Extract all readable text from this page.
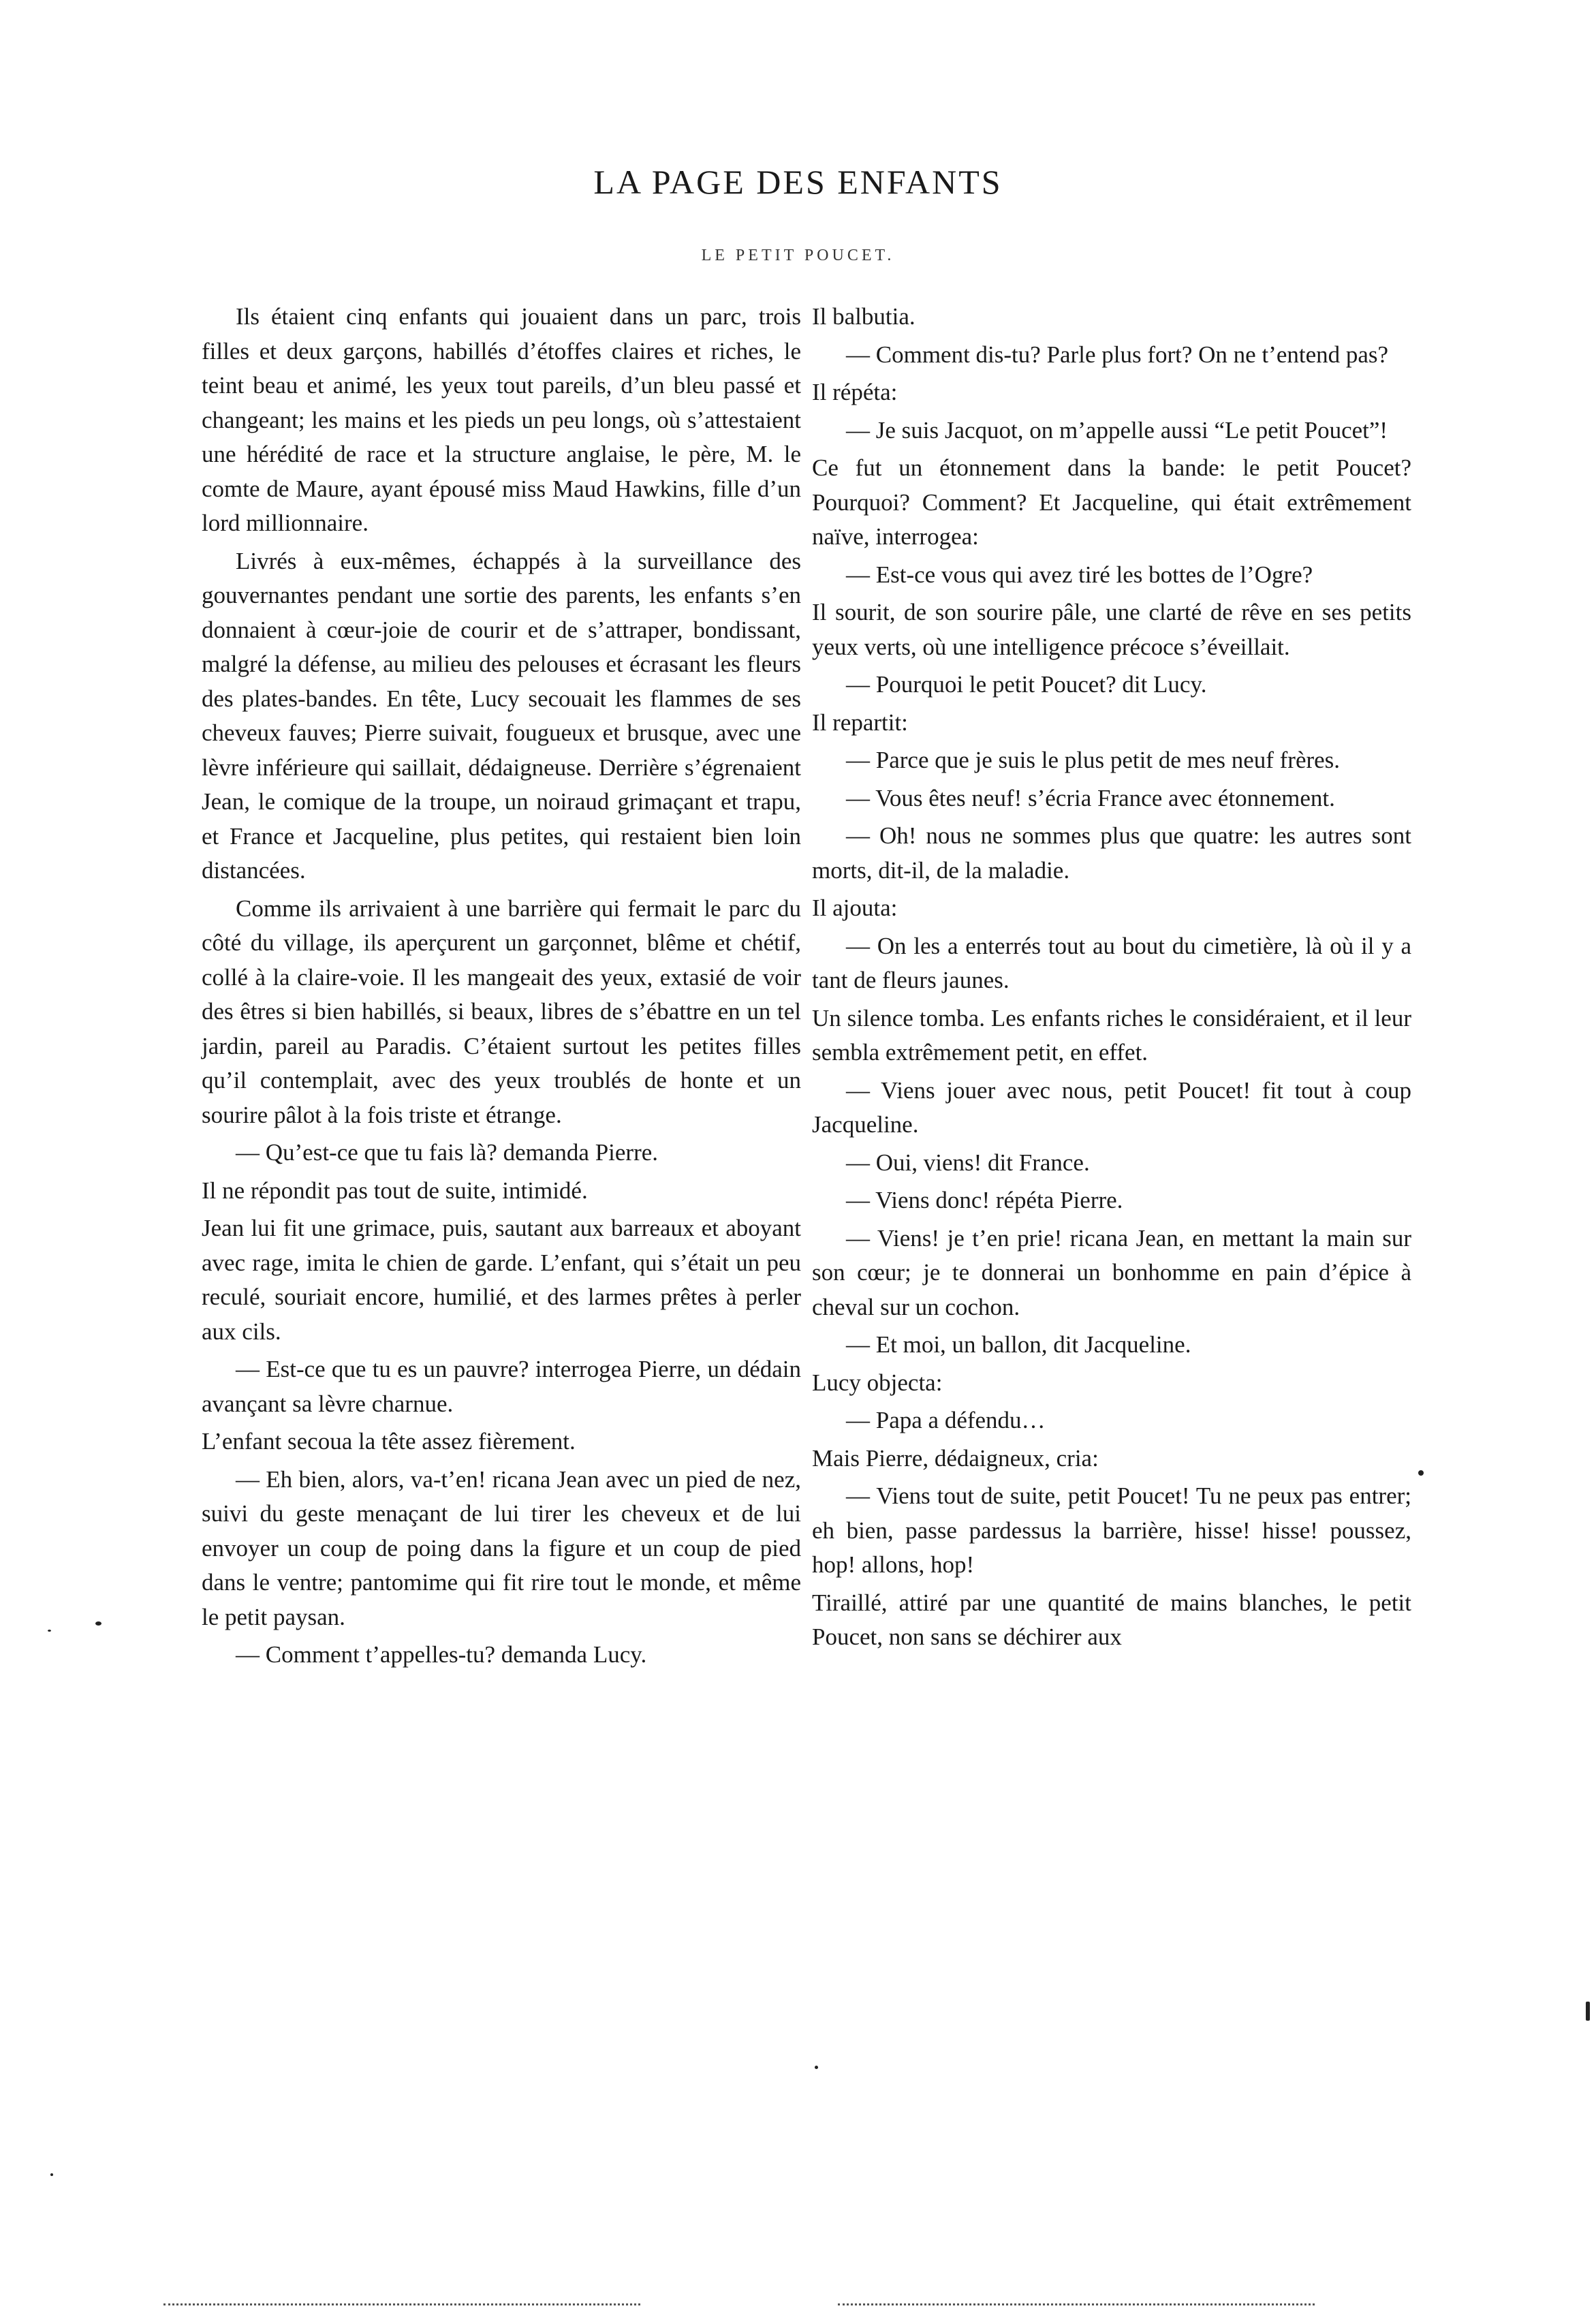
LA PAGE DES ENFANTS
LE PETIT POUCET.

Ils étaient cinq enfants qui jouaient dans un parc, trois filles et deux garçons, habillés d’étoffes claires et riches, le teint beau et animé, les yeux tout pareils, d’un bleu passé et changeant; les mains et les pieds un peu longs, où s’attestaient une hérédité de race et la structure anglaise, le père, M. le comte de Maure, ayant épousé miss Maud Hawkins, fille d’un lord millionnaire.

Livrés à eux-mêmes, échappés à la surveillance des gouvernantes pendant une sortie des parents, les enfants s’en donnaient à cœur-joie de courir et de s’attraper, bondissant, malgré la défense, au milieu des pelouses et écrasant les fleurs des plates-bandes. En tête, Lucy secouait les flammes de ses cheveux fauves; Pierre suivait, fougueux et brusque, avec une lèvre inférieure qui saillait, dédaigneuse. Derrière s’égrenaient Jean, le comique de la troupe, un noiraud grimaçant et trapu, et France et Jacqueline, plus petites, qui restaient bien loin distancées.

Comme ils arrivaient à une barrière qui fermait le parc du côté du village, ils aperçurent un garçonnet, blême et chétif, collé à la claire-voie. Il les mangeait des yeux, extasié de voir des êtres si bien habillés, si beaux, libres de s’ébattre en un tel jardin, pareil au Paradis. C’étaient surtout les petites filles qu’il contemplait, avec des yeux troublés de honte et un sourire pâlot à la fois triste et étrange.

— Qu’est-ce que tu fais là? demanda Pierre.

Il ne répondit pas tout de suite, intimidé.

Jean lui fit une grimace, puis, sautant aux barreaux et aboyant avec rage, imita le chien de garde. L’enfant, qui s’était un peu reculé, souriait encore, humilié, et des larmes prêtes à perler aux cils.

— Est-ce que tu es un pauvre? interrogea Pierre, un dédain avançant sa lèvre charnue.

L’enfant secoua la tête assez fièrement.

— Eh bien, alors, va-t’en! ricana Jean avec un pied de nez, suivi du geste menaçant de lui tirer les cheveux et de lui envoyer un coup de poing dans la figure et un coup de pied dans le ventre; pantomime qui fit rire tout le monde, et même le petit paysan.

— Comment t’appelles-tu? demanda Lucy.

Il balbutia.

— Comment dis-tu? Parle plus fort? On ne t’entend pas?

Il répéta:

— Je suis Jacquot, on m’appelle aussi “Le petit Poucet”!

Ce fut un étonnement dans la bande: le petit Poucet? Pourquoi? Comment? Et Jacqueline, qui était extrêmement naïve, interrogea:

— Est-ce vous qui avez tiré les bottes de l’Ogre?

Il sourit, de son sourire pâle, une clarté de rêve en ses petits yeux verts, où une intelligence précoce s’éveillait.

— Pourquoi le petit Poucet? dit Lucy.

Il repartit:

— Parce que je suis le plus petit de mes neuf frères.

— Vous êtes neuf! s’écria France avec étonnement.

— Oh! nous ne sommes plus que quatre: les autres sont morts, dit-il, de la maladie.

Il ajouta:

— On les a enterrés tout au bout du cimetière, là où il y a tant de fleurs jaunes.

Un silence tomba. Les enfants riches le considéraient, et il leur sembla extrêmement petit, en effet.

— Viens jouer avec nous, petit Poucet! fit tout à coup Jacqueline.

— Oui, viens! dit France.

— Viens donc! répéta Pierre.

— Viens! je t’en prie! ricana Jean, en mettant la main sur son cœur; je te donnerai un bonhomme en pain d’épice à cheval sur un cochon.

— Et moi, un ballon, dit Jacqueline.

Lucy objecta:

— Papa a défendu…

Mais Pierre, dédaigneux, cria:

— Viens tout de suite, petit Poucet! Tu ne peux pas entrer; eh bien, passe pardessus la barrière, hisse! hisse! poussez, hop! allons, hop!

Tiraillé, attiré par une quantité de mains blanches, le petit Poucet, non sans se déchirer aux
